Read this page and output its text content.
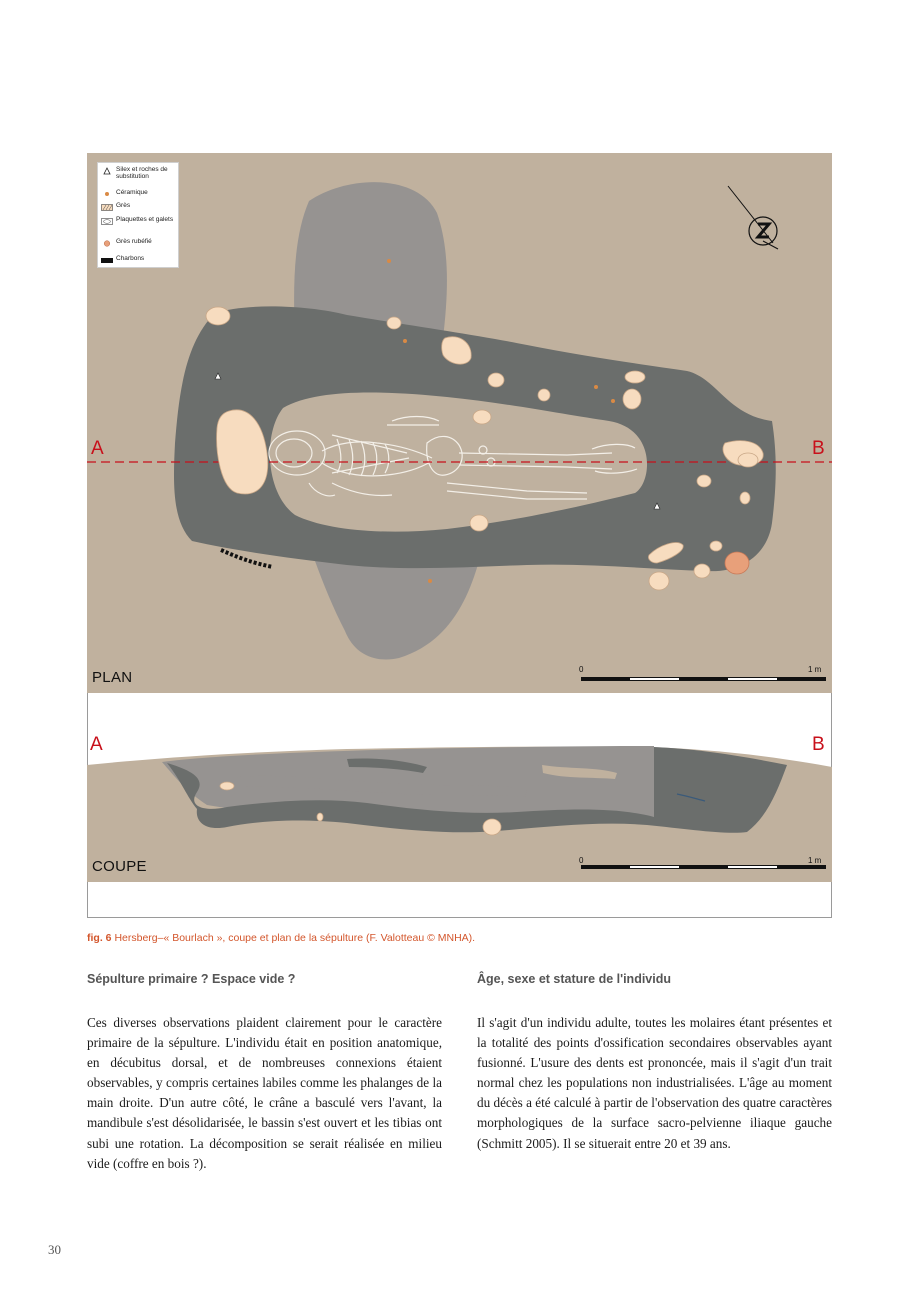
Silex et roches de substitution
Céramique
Grès
Plaquettes et galets
Grès rubéfié
Charbons
A	B
PLAN	0	1 m
A	B
COUPE	0	1 m
fig. 6 Hersberg–« Bourlach », coupe et plan de la sépulture (F. Valotteau © MNHA).
Sépulture primaire ? Espace vide ?	Âge, sexe et stature de l'individu
Ces diverses observations plaident clairement pour le caractère primaire de la sépulture. L'individu était en position anatomique, en décubitus dorsal, et de nombreuses connexions étaient observables, y compris certaines labiles comme les phalanges de la main droite. D'un autre côté, le crâne a basculé vers l'avant, la mandibule s'est désolidarisée, le bassin s'est ouvert et les tibias ont subi une rotation. La décomposition se serait réalisée en milieu vide (coffre en bois ?).
Il s'agit d'un individu adulte, toutes les molaires étant présentes et la totalité des points d'ossification secondaires observables ayant fusionné. L'usure des dents est prononcée, mais il s'agit d'un trait normal chez les populations non industrialisées. L'âge au moment du décès a été calculé à partir de l'observation des quatre caractères morphologiques de la surface sacro-pelvienne iliaque gauche (Schmitt 2005). Il se situerait entre 20 et 39 ans.
30
